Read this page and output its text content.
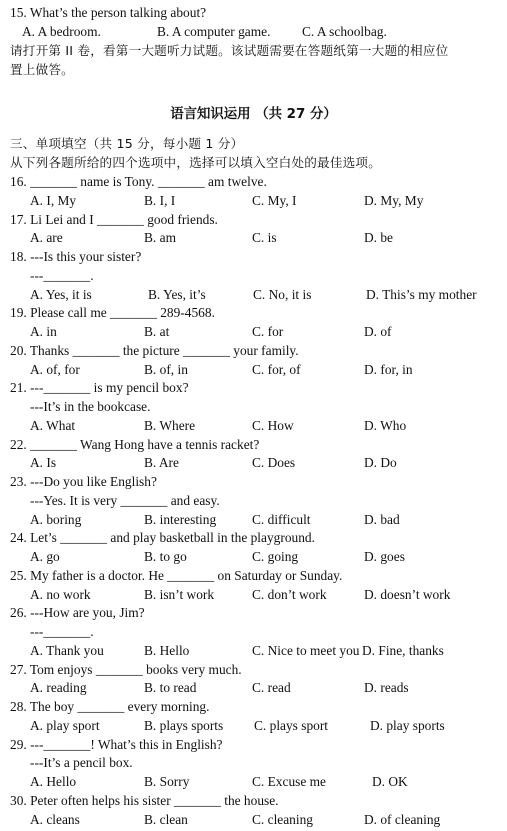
15. What’s the person talking about?
A. A bedroom.	B. A computer game. C. A schoolbag.
请打开第 II 卷，看第一大题听力试题。该试题需要在答题纸第一大题的相应位
置上做答。
语言知识运用 （共 27 分）
三、单项填空（共 15 分，每小题 1 分）
从下列各题所给的四个选项中，选择可以填入空白处的最佳选项。
16. _______ name is Tony. _______ am twelve.
A. I, My	B. I, I	C. My, I	D. My, My
17. Li Lei and I _______ good friends.
A. are	B. am	C. is	D. be
18. ---Is this your sister?
---_______.
A. Yes, it is	B. Yes, it’s	C. No, it is	D. This’s my mother
19. Please call me _______ 289-4568.
A. in	B. at	C. for	D. of
20. Thanks _______ the picture _______ your family.
A. of, for	B. of, in	C. for, of	D. for, in
21. ---_______ is my pencil box?
---It’s in the bookcase.
A. What	B. Where	C. How	D. Who
22. _______ Wang Hong have a tennis racket?
A. Is	B. Are	C. Does	D. Do
23. ---Do you like English?
---Yes. It is very _______ and easy.
A. boring	B. interesting	C. difficult	D. bad
24. Let’s _______ and play basketball in the playground.
A. go	B. to go	C. going	D. goes
25. My father is a doctor. He _______ on Saturday or Sunday.
A. no work	B. isn’t work	C. don’t work	D. doesn’t work
26. ---How are you, Jim?
---_______.
A. Thank you	B. Hello	C. Nice to meet you D. Fine, thanks
27. Tom enjoys _______ books very much.
A. reading	B. to read	C. read	D. reads
28. The boy _______ every morning.
A. play sport	B. plays sports C. plays sport	D. play sports
29. ---_______! What’s this in English?
---It’s a pencil box.
A. Hello	B. Sorry	C. Excuse me	D. OK
30. Peter often helps his sister _______ the house.
A. cleans	B. clean	C. cleaning	D. of cleaning
